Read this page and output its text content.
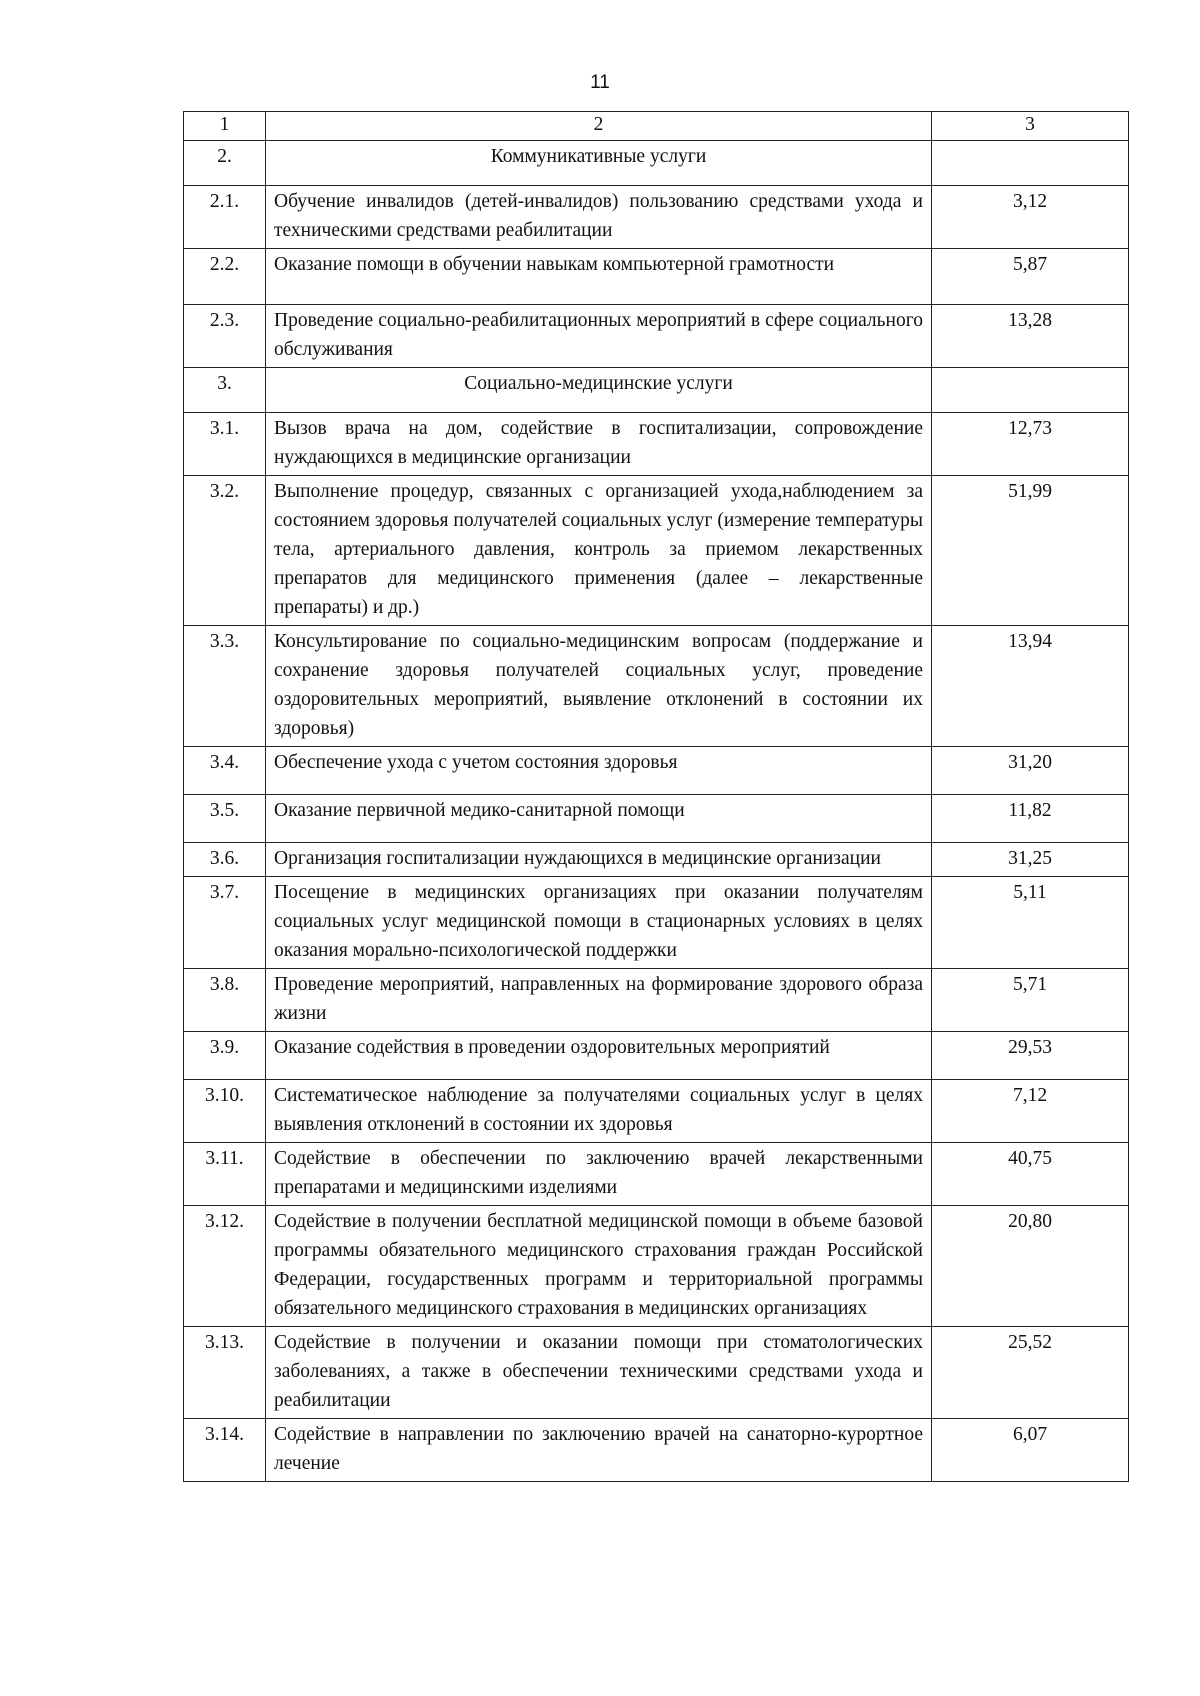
11
1	2	3
2.	Коммуникативные услуги	
2.1.	Обучение инвалидов (детей-инвалидов) пользованию средствами ухода и техническими средствами реабилитации	3,12
2.2.	Оказание помощи в обучении навыкам компьютерной грамотности	5,87
2.3.	Проведение социально-реабилитационных мероприятий в сфере социального обслуживания	13,28
3.	Социально-медицинские услуги	
3.1.	Вызов врача на дом, содействие в госпитализации, сопровождение нуждающихся в медицинские организации	12,73
3.2.	Выполнение процедур, связанных с организацией ухода,наблюдением за состоянием здоровья получателей социальных услуг (измерение температуры тела, артериального давления, контроль за приемом лекарственных препаратов для медицинского применения (далее – лекарственные препараты) и др.)	51,99
3.3.	Консультирование по социально-медицинским вопросам (поддержание и сохранение здоровья получателей социальных услуг, проведение оздоровительных мероприятий, выявление отклонений в состоянии их здоровья)	13,94
3.4.	Обеспечение ухода с учетом состояния здоровья	31,20
3.5.	Оказание первичной медико-санитарной помощи	11,82
3.6.	Организация госпитализации нуждающихся в медицинские организации	31,25
3.7.	Посещение в медицинских организациях при оказании получателям социальных услуг медицинской помощи в стационарных условиях в целях оказания морально-психологической поддержки	5,11
3.8.	Проведение мероприятий, направленных на формирование здорового образа жизни	5,71
3.9.	Оказание содействия в проведении оздоровительных мероприятий	29,53
3.10.	Систематическое наблюдение за получателями социальных услуг в целях выявления отклонений в состоянии их здоровья	7,12
3.11.	Содействие в обеспечении по заключению врачей лекарственными препаратами и медицинскими изделиями	40,75
3.12.	Содействие в получении бесплатной медицинской помощи в объеме базовой программы обязательного медицинского страхования граждан Российской Федерации, государственных программ и территориальной программы обязательного медицинского страхования в медицинских организациях	20,80
3.13.	Содействие в получении и оказании помощи при стоматологических заболеваниях, а также в обеспечении техническими средствами ухода и реабилитации	25,52
3.14.	Содействие в направлении по заключению врачей на санаторно-курортное лечение	6,07
